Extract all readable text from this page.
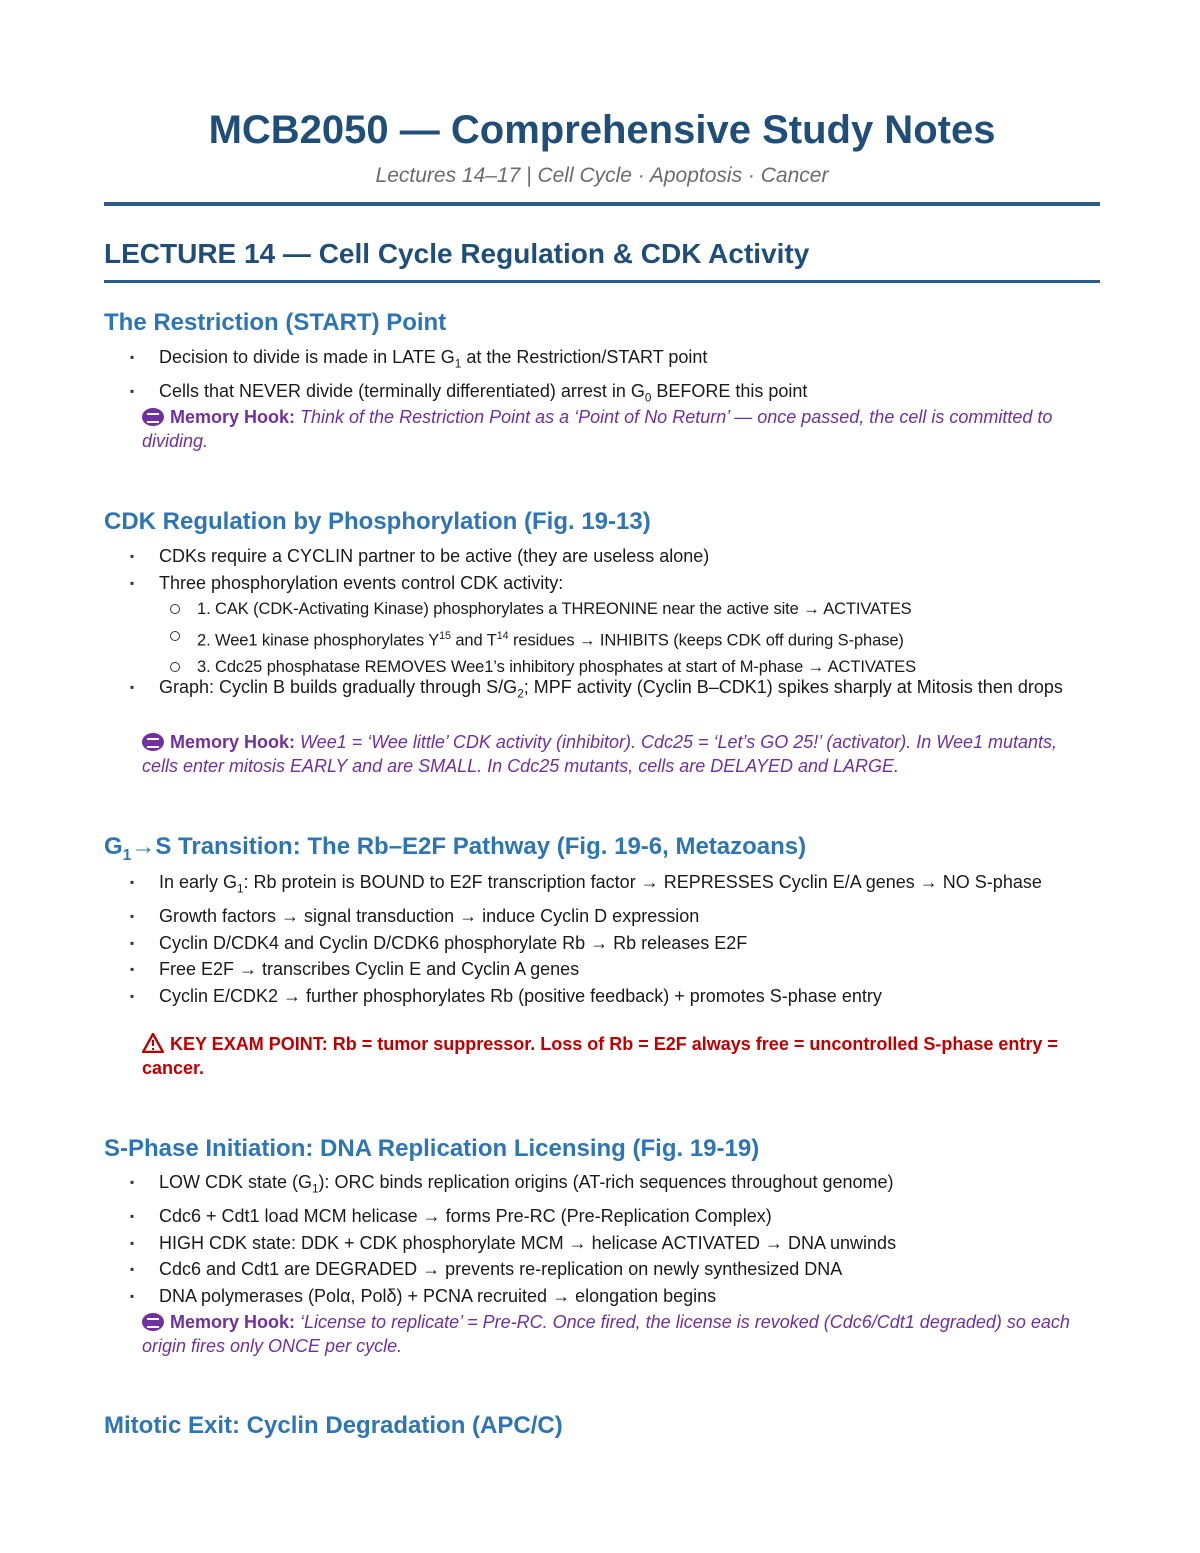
MCB2050 — Comprehensive Study Notes
Lectures 14–17 | Cell Cycle · Apoptosis · Cancer
LECTURE 14 — Cell Cycle Regulation & CDK Activity
The Restriction (START) Point
▪ Decision to divide is made in LATE $G_1$ at the Restriction/START point
▪ Cells that NEVER divide (terminally differentiated) arrest in $G_0$ BEFORE this point
Memory Hook: Think of the Restriction Point as a ‘Point of No Return’ — once passed, the cell is committed to dividing.
CDK Regulation by Phosphorylation (Fig. 19-13)
▪ CDKs require a CYCLIN partner to be active (they are useless alone)
▪ Three phosphorylation events control CDK activity:
1. CAK (CDK-Activating Kinase) phosphorylates a THREONINE near the active site → ACTIVATES
2. Wee1 kinase phosphorylates $Y^{15}$ and $T^{14}$ residues → INHIBITS (keeps CDK off during S-phase)
3. Cdc25 phosphatase REMOVES Wee1’s inhibitory phosphates at start of M-phase → ACTIVATES
▪ Graph: Cyclin B builds gradually through $S/G_2$; MPF activity (Cyclin B–CDK1) spikes sharply at Mitosis then drops
Memory Hook: Wee1 = ‘Wee little’ CDK activity (inhibitor). Cdc25 = ‘Let’s GO 25!’ (activator). In Wee1 mutants, cells enter mitosis EARLY and are SMALL. In Cdc25 mutants, cells are DELAYED and LARGE.
$G_1\to S$ Transition: The Rb–E2F Pathway (Fig. 19-6, Metazoans)
▪ In early $G_1$: Rb protein is BOUND to E2F transcription factor → REPRESSES Cyclin E/A genes → NO S-phase
▪ Growth factors → signal transduction → induce Cyclin D expression
▪ Cyclin D/CDK4 and Cyclin D/CDK6 phosphorylate Rb → Rb releases E2F
▪ Free E2F → transcribes Cyclin E and Cyclin A genes
▪ Cyclin E/CDK2 → further phosphorylates Rb (positive feedback) + promotes S-phase entry
KEY EXAM POINT: Rb = tumor suppressor. Loss of Rb = E2F always free = uncontrolled S-phase entry = cancer.
S-Phase Initiation: DNA Replication Licensing (Fig. 19-19)
▪ LOW CDK state $(G_1)$: ORC binds replication origins (AT-rich sequences throughout genome)
▪ Cdc6 + Cdt1 load MCM helicase → forms Pre-RC (Pre-Replication Complex)
▪ HIGH CDK state: DDK + CDK phosphorylate MCM → helicase ACTIVATED → DNA unwinds
▪ Cdc6 and Cdt1 are DEGRADED → prevents re-replication on newly synthesized DNA
▪ DNA polymerases (Polα, Polδ) + PCNA recruited → elongation begins
Memory Hook: ‘License to replicate’ = Pre-RC. Once fired, the license is revoked (Cdc6/Cdt1 degraded) so each origin fires only ONCE per cycle.
Mitotic Exit: Cyclin Degradation (APC/C)
